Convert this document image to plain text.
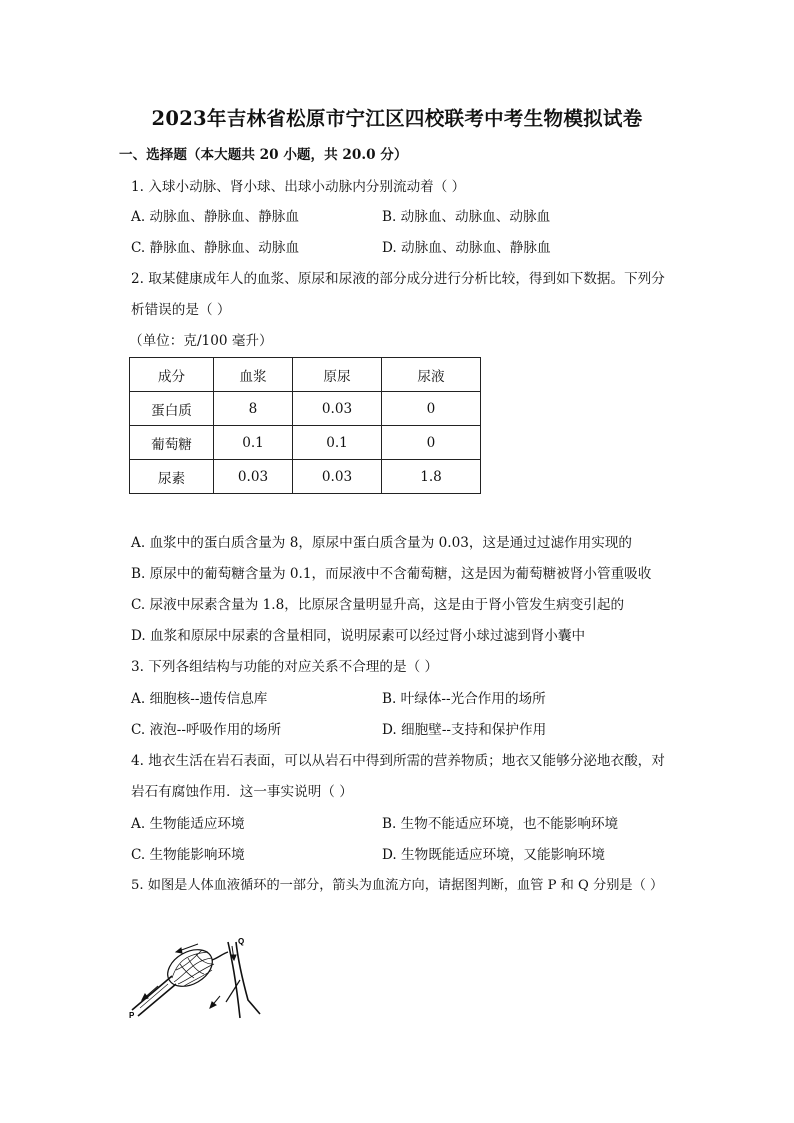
2023年吉林省松原市宁江区四校联考中考生物模拟试卷
一、选择题（本大题共 20 小题，共 20.0 分）
1. 入球小动脉、肾小球、出球小动脉内分别流动着（ ）
A. 动脉血、静脉血、静脉血	B. 动脉血、动脉血、动脉血
C. 静脉血、静脉血、动脉血	D. 动脉血、动脉血、静脉血
2. 取某健康成年人的血浆、原尿和尿液的部分成分进行分析比较，得到如下数据。下列分
析错误的是（ ）
（单位：克/100 毫升）
成分	血浆	原尿	尿液
蛋白质	8	0.03	0
葡萄糖	0.1	0.1	0
尿素	0.03	0.03	1.8
A. 血浆中的蛋白质含量为 8，原尿中蛋白质含量为 0.03，这是通过过滤作用实现的
B. 原尿中的葡萄糖含量为 0.1，而尿液中不含葡萄糖，这是因为葡萄糖被肾小管重吸收
C. 尿液中尿素含量为 1.8，比原尿含量明显升高，这是由于肾小管发生病变引起的
D. 血浆和原尿中尿素的含量相同，说明尿素可以经过肾小球过滤到肾小囊中
3. 下列各组结构与功能的对应关系不合理的是（ ）
A. 细胞核--遗传信息库	B. 叶绿体--光合作用的场所
C. 液泡--呼吸作用的场所	D. 细胞壁--支持和保护作用
4. 地衣生活在岩石表面，可以从岩石中得到所需的营养物质；地衣又能够分泌地衣酸，对
岩石有腐蚀作用．这一事实说明（ ）
A. 生物能适应环境	B. 生物不能适应环境，也不能影响环境
C. 生物能影响环境	D. 生物既能适应环境，又能影响环境
5. 如图是人体血液循环的一部分，箭头为血流方向，请据图判断，血管 P 和 Q 分别是（ ）
P
Q
